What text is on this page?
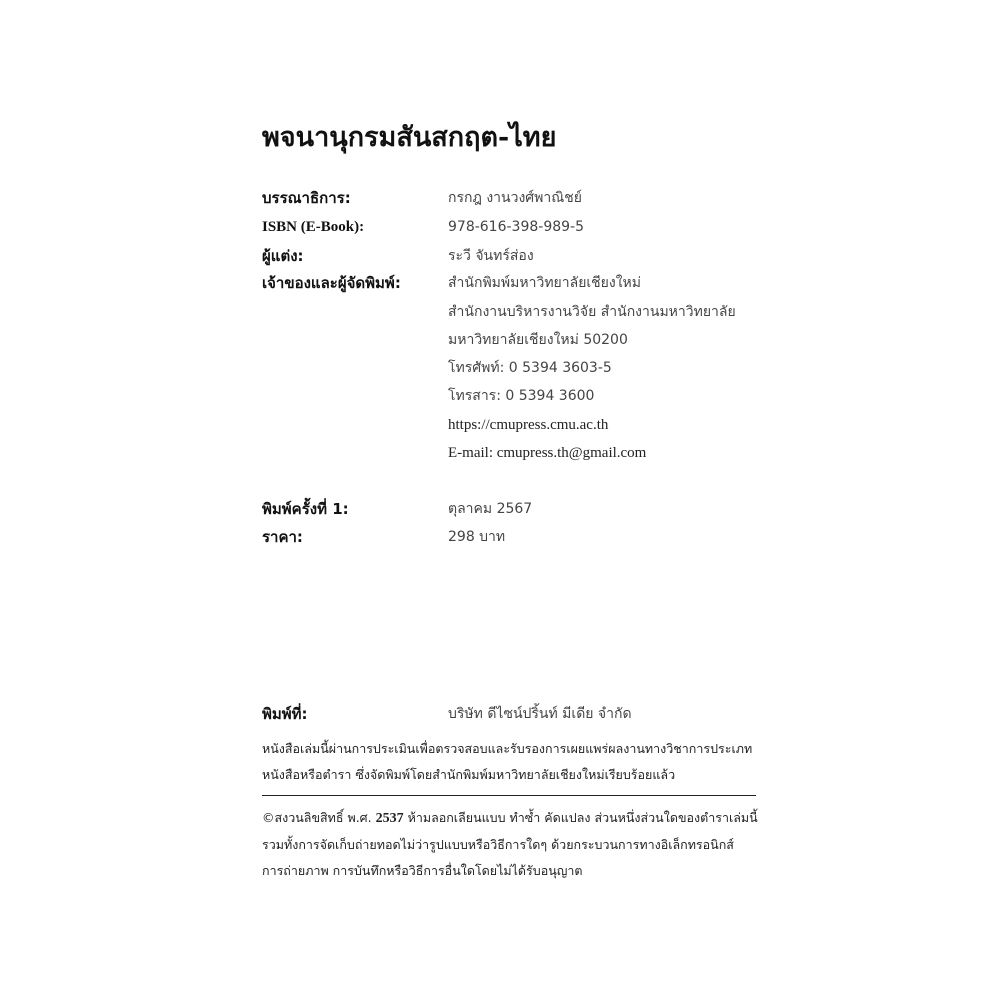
พจนานุกรมสันสกฤต-ไทย
บรรณาธิการ:	กรกฎ งานวงศ์พาณิชย์
ISBN (E-Book):	978-616-398-989-5
ผู้แต่ง:	ระวี จันทร์ส่อง
เจ้าของและผู้จัดพิมพ์:	สำนักพิมพ์มหาวิทยาลัยเชียงใหม่
สำนักงานบริหารงานวิจัย สำนักงานมหาวิทยาลัย
มหาวิทยาลัยเชียงใหม่ 50200
โทรศัพท์: 0 5394 3603-5
โทรสาร: 0 5394 3600
https://cmupress.cmu.ac.th
E-mail: cmupress.th@gmail.com
พิมพ์ครั้งที่ 1:	ตุลาคม 2567
ราคา:	298 บาท
พิมพ์ที่:	บริษัท ดีไซน์ปริ้นท์ มีเดีย จำกัด

หนังสือเล่มนี้ผ่านการประเมินเพื่อตรวจสอบและรับรองการเผยแพร่ผลงานทางวิชาการประเภท

หนังสือหรือตำรา ซึ่งจัดพิมพ์โดยสำนักพิมพ์มหาวิทยาลัยเชียงใหม่เรียบร้อยแล้ว

©สงวนลิขสิทธิ์ พ.ศ. 2537 ห้ามลอกเลียนแบบ ทำซ้ำ คัดแปลง ส่วนหนึ่งส่วนใดของตำราเล่มนี้

รวมทั้งการจัดเก็บถ่ายทอดไม่ว่ารูปแบบหรือวิธีการใดๆ ด้วยกระบวนการทางอิเล็กทรอนิกส์

การถ่ายภาพ การบันทึกหรือวิธีการอื่นใดโดยไม่ได้รับอนุญาต
